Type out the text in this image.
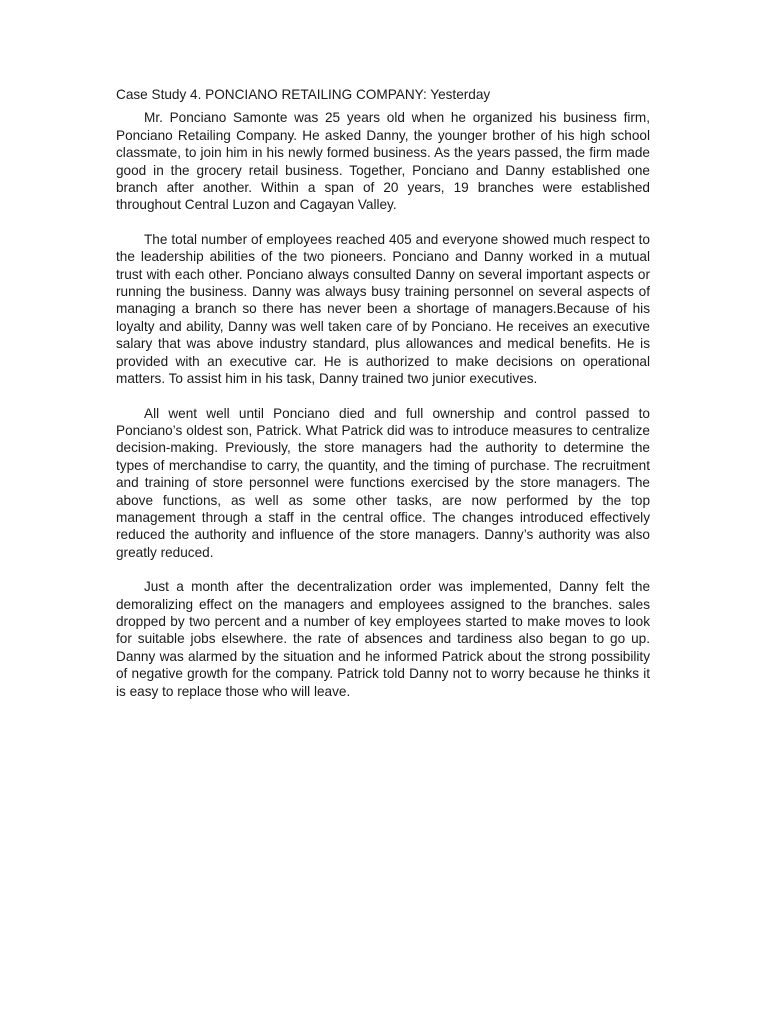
Case Study 4. PONCIANO RETAILING COMPANY: Yesterday

Mr. Ponciano Samonte was 25 years old when he organized his business firm, Ponciano Retailing Company. He asked Danny, the younger brother of his high school classmate, to join him in his newly formed business. As the years passed, the firm made good in the grocery retail business. Together, Ponciano and Danny established one branch after another. Within a span of 20 years, 19 branches were established throughout Central Luzon and Cagayan Valley.

The total number of employees reached 405 and everyone showed much respect to the leadership abilities of the two pioneers. Ponciano and Danny worked in a mutual trust with each other. Ponciano always consulted Danny on several important aspects or running the business. Danny was always busy training personnel on several aspects of managing a branch so there has never been a shortage of managers.Because of his loyalty and ability, Danny was well taken care of by Ponciano. He receives an executive salary that was above industry standard, plus allowances and medical benefits. He is provided with an executive car. He is authorized to make decisions on operational matters. To assist him in his task, Danny trained two junior executives.

All went well until Ponciano died and full ownership and control passed to Ponciano’s oldest son, Patrick. What Patrick did was to introduce measures to centralize decision-making. Previously, the store managers had the authority to determine the types of merchandise to carry, the quantity, and the timing of purchase. The recruitment and training of store personnel were functions exercised by the store managers. The above functions, as well as some other tasks, are now performed by the top management through a staff in the central office. The changes introduced effectively reduced the authority and influence of the store managers. Danny’s authority was also greatly reduced.

Just a month after the decentralization order was implemented, Danny felt the demoralizing effect on the managers and employees assigned to the branches. sales dropped by two percent and a number of key employees started to make moves to look for suitable jobs elsewhere. the rate of absences and tardiness also began to go up. Danny was alarmed by the situation and he informed Patrick about the strong possibility of negative growth for the company. Patrick told Danny not to worry because he thinks it is easy to replace those who will leave.
